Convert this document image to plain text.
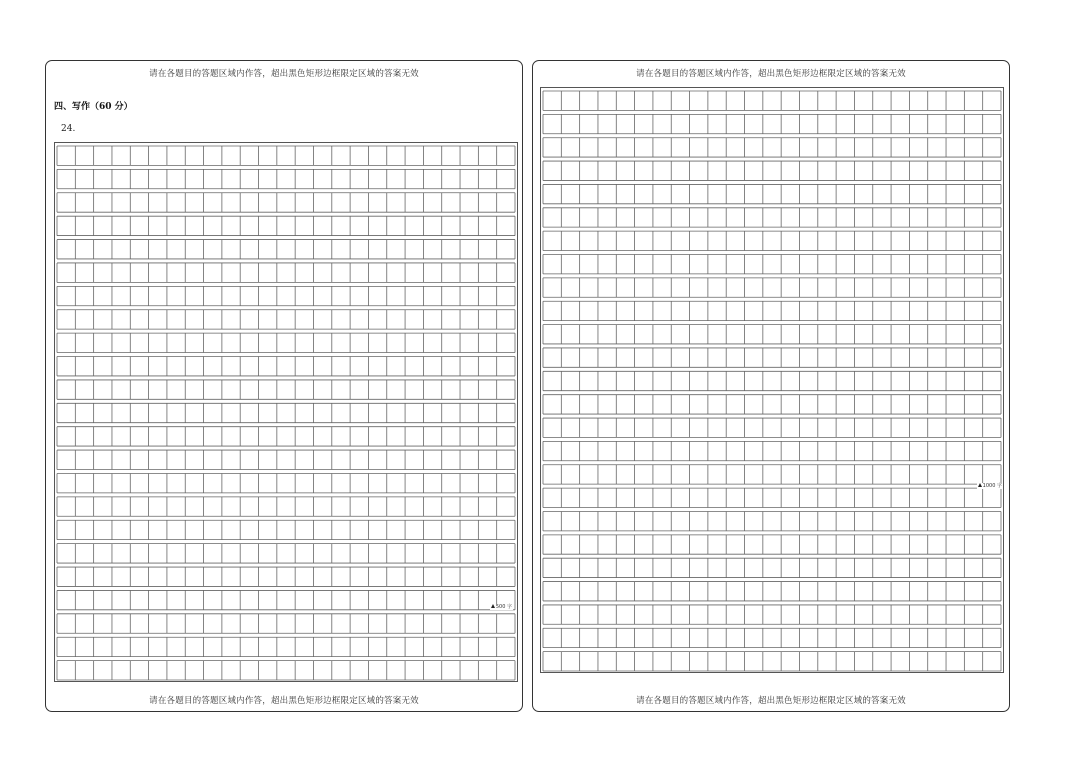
请在各题目的答题区域内作答，超出黑色矩形边框限定区域的答案无效
四、写作（60 分）
24.
500 字
请在各题目的答题区域内作答，超出黑色矩形边框限定区域的答案无效
请在各题目的答题区域内作答，超出黑色矩形边框限定区域的答案无效
1000 字
请在各题目的答题区域内作答，超出黑色矩形边框限定区域的答案无效
